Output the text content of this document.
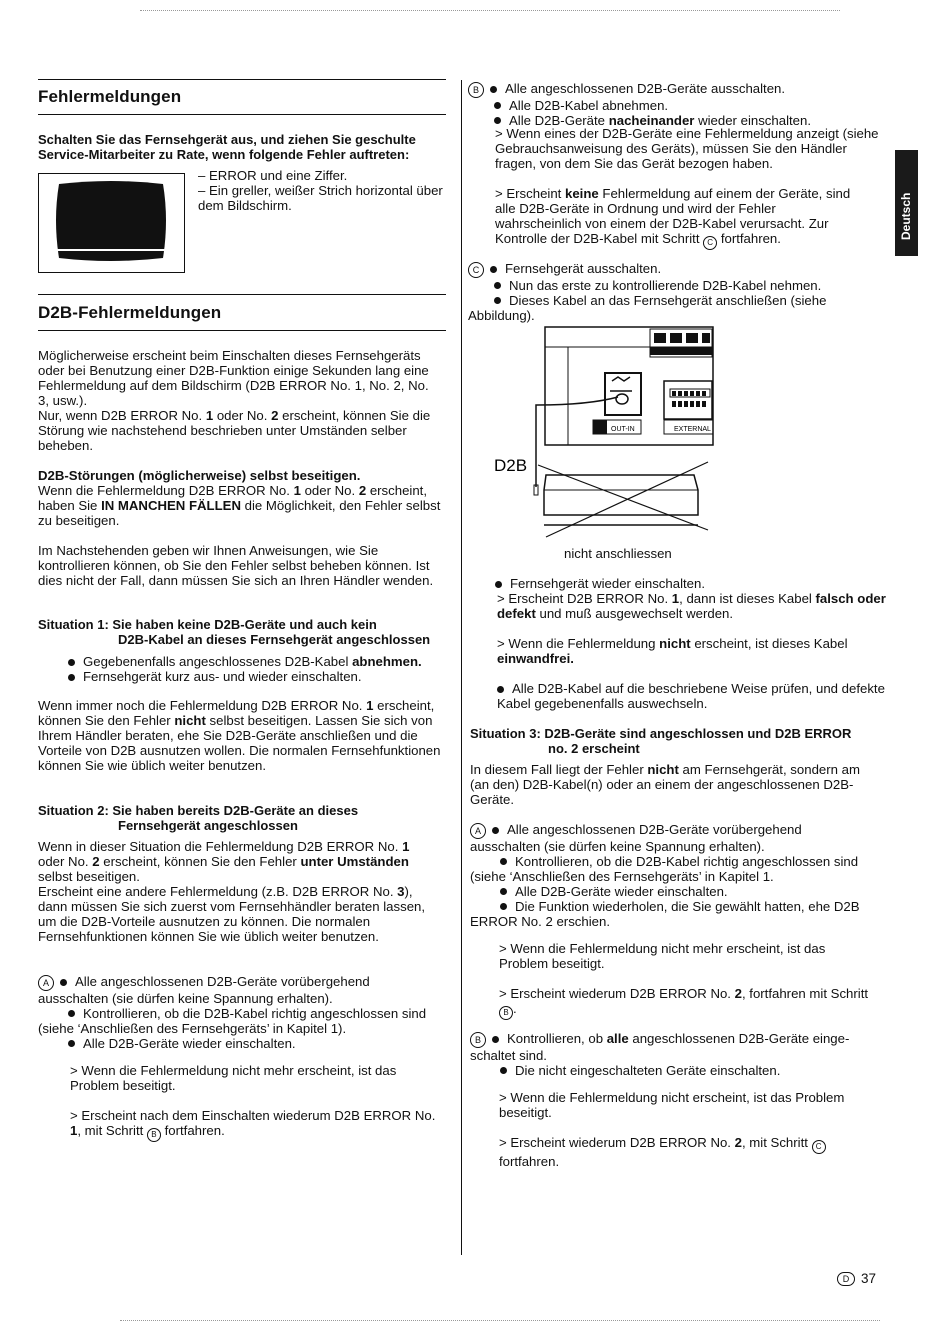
Deutsch
Fehlermeldungen
Schalten Sie das Fernsehgerät aus, und ziehen Sie geschulte Service-Mitarbeiter zu Rate, wenn folgende Fehler auftreten:
– ERROR und eine Ziffer.
– Ein greller, weißer Strich horizontal über dem Bildschirm.
D2B-Fehlermeldungen
Möglicherweise erscheint beim Einschalten dieses Fernsehgeräts oder bei Benutzung einer D2B-Funktion einige Sekunden lang eine Fehlermeldung auf dem Bildschirm (D2B ERROR No. 1, No. 2, No. 3, usw.).
Nur, wenn D2B ERROR No. 1 oder No. 2 erscheint, können Sie die Störung wie nachstehend beschrieben unter Umständen selber beheben.
D2B-Störungen (möglicherweise) selbst beseitigen.
Wenn die Fehlermeldung D2B ERROR No. 1 oder No. 2 erscheint, haben Sie IN MANCHEN FÄLLEN die Möglichkeit, den Fehler selbst zu beseitigen.
Im Nachstehenden geben wir Ihnen Anweisungen, wie Sie kontrollieren können, ob Sie den Fehler selbst beheben können. Ist dies nicht der Fall, dann müssen Sie sich an Ihren Händler wenden.
Situation 1: Sie haben keine D2B-Geräte und auch kein
D2B-Kabel an dieses Fernsehgerät angeschlossen
Gegebenenfalls angeschlossenes D2B-Kabel abnehmen.
Fernsehgerät kurz aus- und wieder einschalten.
Wenn immer noch die Fehlermeldung D2B ERROR No. 1 erscheint, können Sie den Fehler nicht selbst beseitigen. Lassen Sie sich von Ihrem Händler beraten, ehe Sie D2B-Geräte anschließen und die Vorteile von D2B ausnutzen wollen. Die normalen Fernsehfunktionen können Sie wie üblich weiter benutzen.
Situation 2: Sie haben bereits D2B-Geräte an dieses
Fernsehgerät angeschlossen
Wenn in dieser Situation die Fehlermeldung D2B ERROR No. 1 oder No. 2 erscheint, können Sie den Fehler unter Umständen selbst beseitigen.
Erscheint eine andere Fehlermeldung (z.B. D2B ERROR No. 3), dann müssen Sie sich zuerst vom Fernsehhändler beraten lassen, um die D2B-Vorteile ausnutzen zu können. Die normalen Fernsehfunktionen können Sie wie üblich weiter benutzen.
A Alle angeschlossenen D2B-Geräte vorübergehend ausschalten (sie dürfen keine Spannung erhalten).
Kontrollieren, ob die D2B-Kabel richtig angeschlossen sind (siehe ‘Anschließen des Fernsehgeräts’ in Kapitel 1).
Alle D2B-Geräte wieder einschalten.
> Wenn die Fehlermeldung nicht mehr erscheint, ist das Problem beseitigt.
> Erscheint nach dem Einschalten wiederum D2B ERROR No. 1, mit Schritt B fortfahren.
B Alle angeschlossenen D2B-Geräte ausschalten.
Alle D2B-Kabel abnehmen.
Alle D2B-Geräte nacheinander wieder einschalten.
> Wenn eines der D2B-Geräte eine Fehlermeldung anzeigt (siehe Gebrauchsanweisung des Geräts), müssen Sie den Händler fragen, von dem Sie das Gerät bezogen haben.
> Erscheint keine Fehlermeldung auf einem der Geräte, sind alle D2B-Geräte in Ordnung und wird der Fehler wahrscheinlich von einem der D2B-Kabel verursacht. Zur Kontrolle der D2B-Kabel mit Schritt C fortfahren.
C Fernsehgerät ausschalten.
Nun das erste zu kontrollierende D2B-Kabel nehmen.
Dieses Kabel an das Fernsehgerät anschließen (siehe Abbildung).
OUT-IN	EXTERNAL
D2B
nicht anschliessen
Fernsehgerät wieder einschalten.
> Erscheint D2B ERROR No. 1, dann ist dieses Kabel falsch oder defekt und muß ausgewechselt werden.
> Wenn die Fehlermeldung nicht erscheint, ist dieses Kabel einwandfrei.
Alle D2B-Kabel auf die beschriebene Weise prüfen, und defekte Kabel gegebenenfalls auswechseln.
Situation 3: D2B-Geräte sind angeschlossen und D2B ERROR
no. 2 erscheint
In diesem Fall liegt der Fehler nicht am Fernsehgerät, sondern am (an den) D2B-Kabel(n) oder an einem der angeschlossenen D2B-Geräte.
A Alle angeschlossenen D2B-Geräte vorübergehend ausschalten (sie dürfen keine Spannung erhalten).
Kontrollieren, ob die D2B-Kabel richtig angeschlossen sind (siehe ‘Anschließen des Fernsehgeräts’ in Kapitel 1.
Alle D2B-Geräte wieder einschalten.
Die Funktion wiederholen, die Sie gewählt hatten, ehe D2B ERROR No. 2 erschien.
> Wenn die Fehlermeldung nicht mehr erscheint, ist das Problem beseitigt.
> Erscheint wiederum D2B ERROR No. 2, fortfahren mit Schritt B .
B Kontrollieren, ob alle angeschlossenen D2B-Geräte einge- schaltet sind.
Die nicht eingeschalteten Geräte einschalten.
> Wenn die Fehlermeldung nicht erscheint, ist das Problem beseitigt.
> Erscheint wiederum D2B ERROR No. 2, mit Schritt C fortfahren.
D 37
